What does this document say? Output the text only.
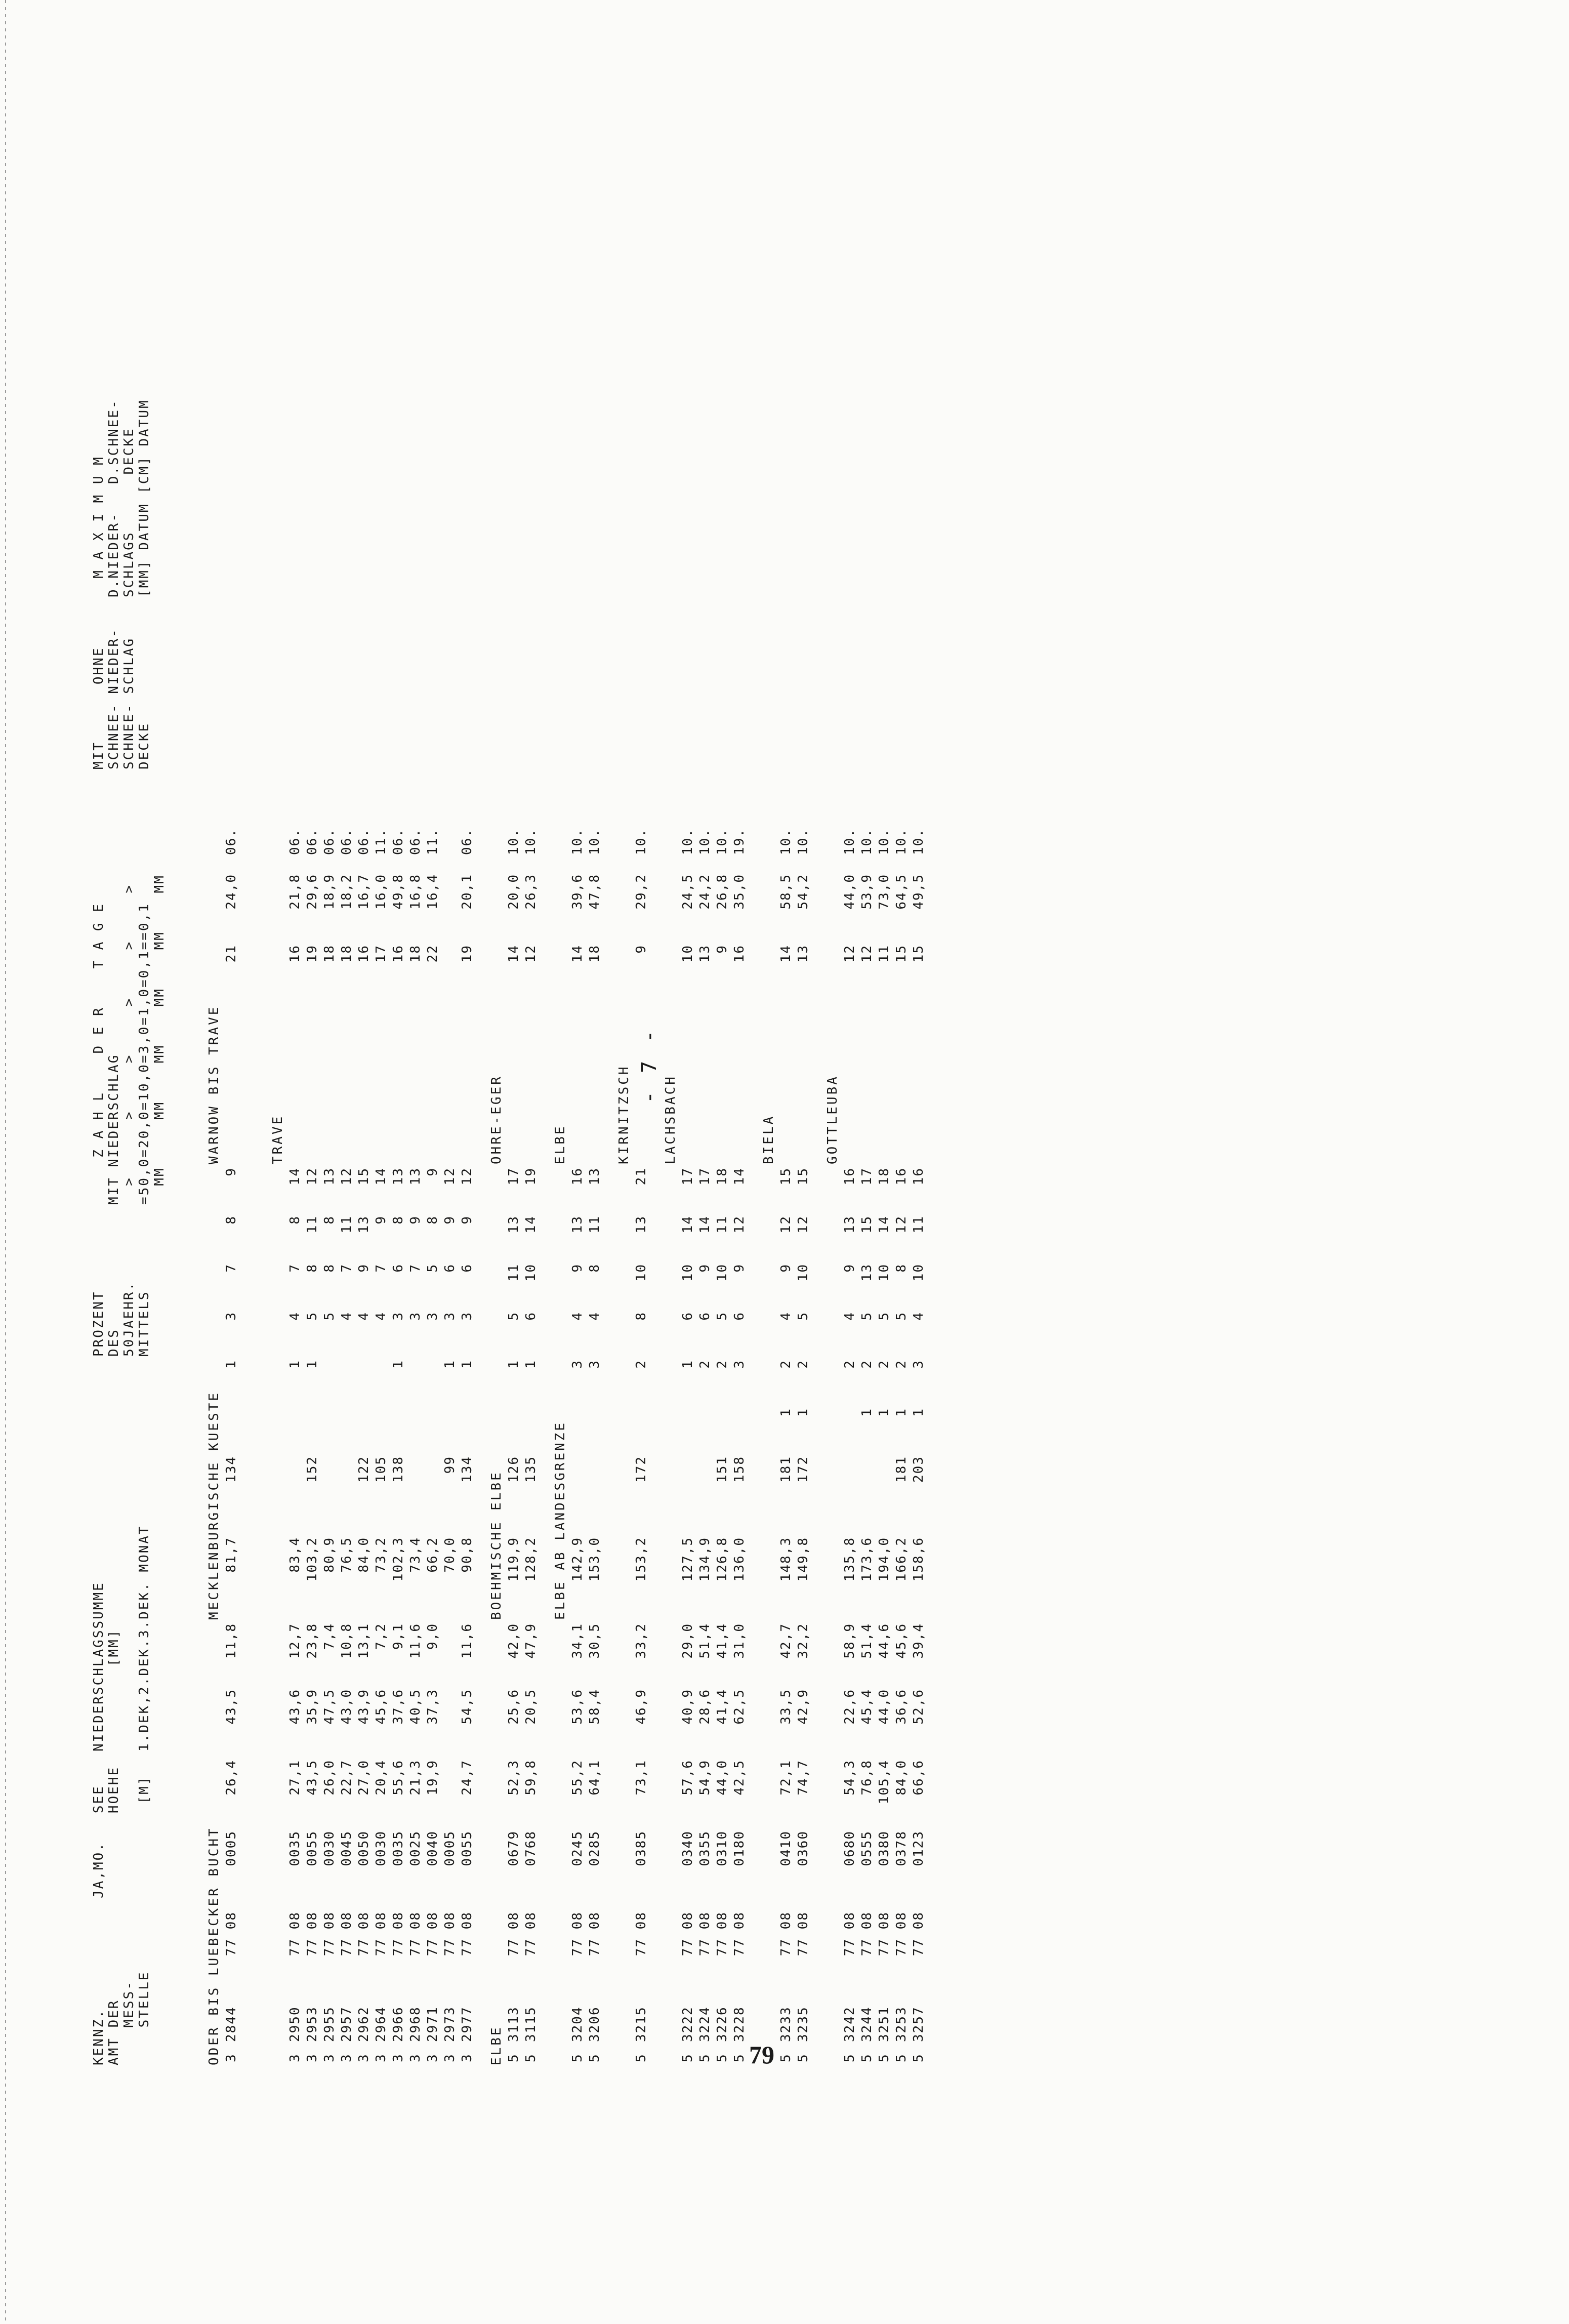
- 7 -
KENNZ.
AMT DER
MESS-
STELLE
JA,MO.   SEE
HOEHE

[M]
NIEDERSCHLAGSSUMME
[MM]

1.DEK,2.DEK.3.DEK. MONAT
PROZENT
DES
50JAEHR.
MITTELS
Z A H L    D E R    T A G E
MIT NIEDERSCHLAG
>      >     >     >     >     >
=50,0=20,0=10,0=3,0=1,0=0,1==0,1
MM     MM    MM    MM    MM    MM
MIT      OHNE
SCHNEE- NIEDER-
SCHNEE- SCHLAG
DECKE
M A X I M U M
D.NIEDER-   D.SCHNEE-
SCHLAGS      DECKE
[MM] DATUM [CM] DATUM
ODER BIS LUEBECKER BUCHT							MECKLENBURGISCHE KUESTE								WARNOW BIS TRAVE					
3	2844	77 08	0005	26,4	43,5	11,8	81,7	134		1	3	7	8	9		21	24,0	06.		

															TRAVE					
3	2950	77 08	0035	27,1	43,6	12,7	83,4			1	4	7	8	14		16	21,8	06.		
3	2953	77 08	0055	43,5	35,9	23,8	103,2	152		1	5	8	11	12		19	29,6	06.		
3	2955	77 08	0030	26,0	47,5	7,4	80,9				5	8	8	13		18	18,9	06.		
3	2957	77 08	0045	22,7	43,0	10,8	76,5				4	7	11	12		18	18,2	06.		
3	2962	77 08	0050	27,0	43,9	13,1	84,0	122			4	9	13	15		16	16,7	06.		
3	2964	77 08	0030	20,4	45,6	7,2	73,2	105			4	7	9	14		17	16,0	11.		
3	2966	77 08	0035	55,6	37,6	9,1	102,3	138		1	3	6	8	13		16	49,8	06.		
3	2968	77 08	0025	21,3	40,5	11,6	73,4				3	7	9	13		18	16,8	06.		
3	2971	77 08	0040	19,9	37,3	9,0	66,2				3	5	8	9		22	16,4	11.		
3	2973	77 08	0005				70,0	99		1	3	6	9	12						
3	2977	77 08	0055	24,7	54,5	11,6	90,8	134		1	3	6	9	12		19	20,1	06.		
ELBE							BOEHMISCHE ELBE								OHRE-EGER					
5	3113	77 08	0679	52,3	25,6	42,0	119,9	126		1	5	11	13	17		14	20,0	10.		
5	3115	77 08	0768	59,8	20,5	47,9	128,2	135		1	6	10	14	19		12	26,3	10.		
							ELBE AB LANDESGRENZE								ELBE					
5	3204	77 08	0245	55,2	53,6	34,1	142,9			3	4	9	13	16		14	39,6	10.		
5	3206	77 08	0285	64,1	58,4	30,5	153,0			3	4	8	11	13		18	47,8	10.		
															KIRNITZSCH					
5	3215	77 08	0385	73,1	46,9	33,2	153,2	172		2	8	10	13	21		9	29,2	10.		
															LACHSBACH					
5	3222	77 08	0340	57,6	40,9	29,0	127,5			1	6	10	14	17		10	24,5	10.		
5	3224	77 08	0355	54,9	28,6	51,4	134,9			2	6	9	14	17		13	24,2	10.		
5	3226	77 08	0310	44,0	41,4	41,4	126,8	151		2	5	10	11	18		9	26,8	10.		
5	3228	77 08	0180	42,5	62,5	31,0	136,0	158		3	6	9	12	14		16	35,0	19.		
															BIELA					
5	3233	77 08	0410	72,1	33,5	42,7	148,3	181	1	2	4	9	12	15		14	58,5	10.		
5	3235	77 08	0360	74,7	42,9	32,2	149,8	172	1	2	5	10	12	15		13	54,2	10.		
															GOTTLEUBA					
5	3242	77 08	0680	54,3	22,6	58,9	135,8			2	4	9	13	16		12	44,0	10.		
5	3244	77 08	0555	76,8	45,4	51,4	173,6		1	2	5	13	15	17		12	53,9	10.		
5	3251	77 08	0380	105,4	44,0	44,6	194,0		1	2	5	10	14	18		11	73,0	10.		
5	3253	77 08	0378	84,0	36,6	45,6	166,2	181	1	2	5	8	12	16		15	64,5	10.		
5	3257	77 08	0123	66,6	52,6	39,4	158,6	203	1	3	4	10	11	16		15	49,5	10.		
79
